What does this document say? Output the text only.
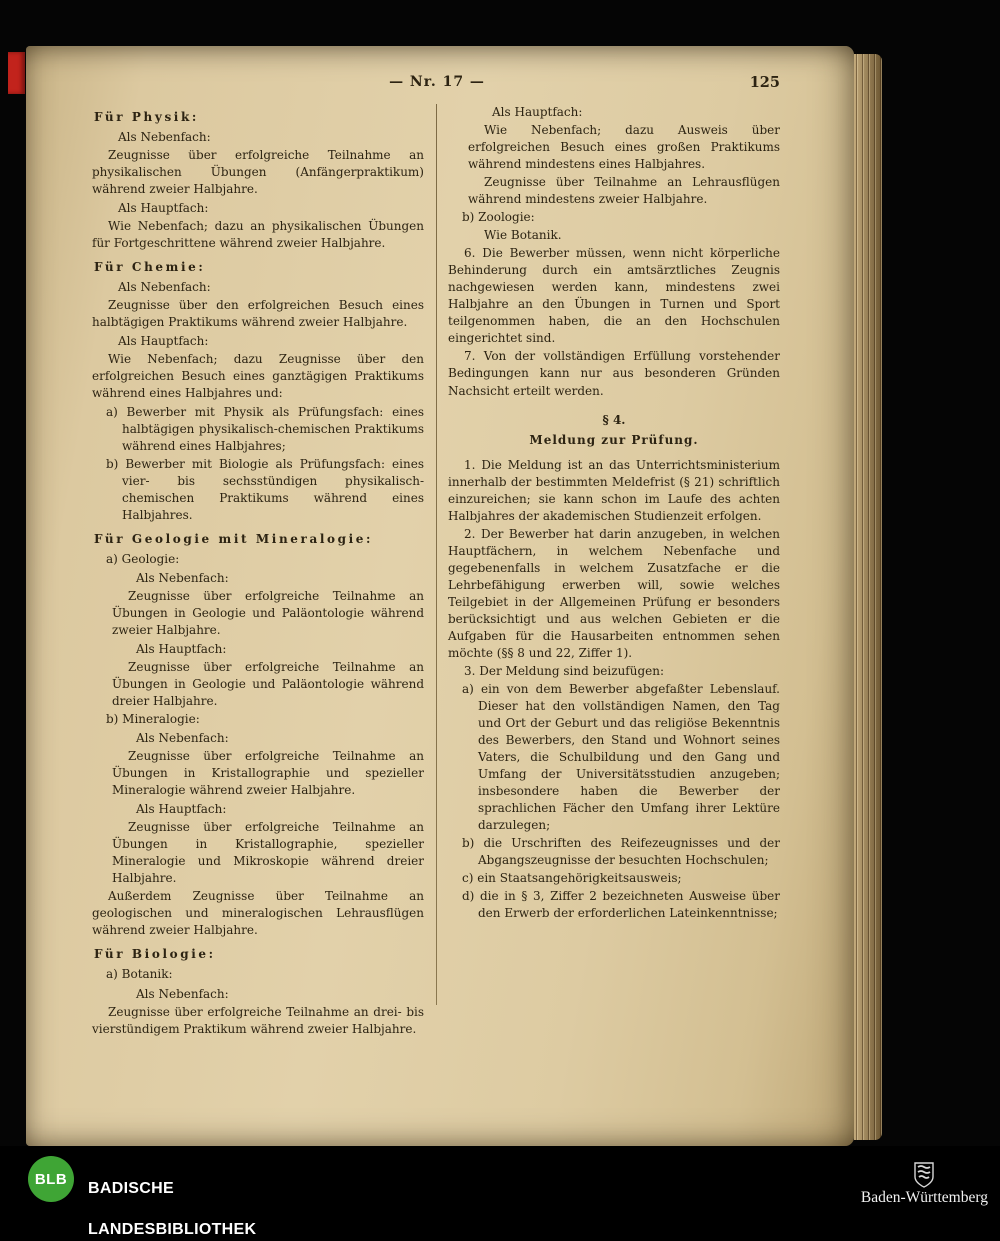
— Nr. 17 —	125
Für Physik:
Als Nebenfach:
Zeugnisse über erfolgreiche Teilnahme an physikalischen Übungen (Anfängerpraktikum) während zweier Halbjahre.
Als Hauptfach:
Wie Nebenfach; dazu an physikalischen Übungen für Fortgeschrittene während zweier Halbjahre.
Für Chemie:
Als Nebenfach:
Zeugnisse über den erfolgreichen Besuch eines halbtägigen Praktikums während zweier Halbjahre.
Als Hauptfach:
Wie Nebenfach; dazu Zeugnisse über den erfolgreichen Besuch eines ganztägigen Praktikums während eines Halbjahres und:
a) Bewerber mit Physik als Prüfungsfach: eines halbtägigen physikalisch-chemischen Praktikums während eines Halbjahres;
b) Bewerber mit Biologie als Prüfungsfach: eines vier- bis sechsstündigen physikalisch-chemischen Praktikums während eines Halbjahres.
Für Geologie mit Mineralogie:
a) Geologie:
Als Nebenfach:
Zeugnisse über erfolgreiche Teilnahme an Übungen in Geologie und Paläontologie während zweier Halbjahre.
Als Hauptfach:
Zeugnisse über erfolgreiche Teilnahme an Übungen in Geologie und Paläontologie während dreier Halbjahre.
b) Mineralogie:
Als Nebenfach:
Zeugnisse über erfolgreiche Teilnahme an Übungen in Kristallographie und spezieller Mineralogie während zweier Halbjahre.
Als Hauptfach:
Zeugnisse über erfolgreiche Teilnahme an Übungen in Kristallographie, spezieller Mineralogie und Mikroskopie während dreier Halbjahre.
Außerdem Zeugnisse über Teilnahme an geologischen und mineralogischen Lehrausflügen während zweier Halbjahre.
Für Biologie:
a) Botanik:
Als Nebenfach:
Zeugnisse über erfolgreiche Teilnahme an drei- bis vierstündigem Praktikum während zweier Halbjahre.
Als Hauptfach:
Wie Nebenfach; dazu Ausweis über erfolgreichen Besuch eines großen Praktikums während mindestens eines Halbjahres.
Zeugnisse über Teilnahme an Lehrausflügen während mindestens zweier Halbjahre.
b) Zoologie:
Wie Botanik.
6. Die Bewerber müssen, wenn nicht körperliche Behinderung durch ein amtsärztliches Zeugnis nachgewiesen werden kann, mindestens zwei Halbjahre an den Übungen in Turnen und Sport teilgenommen haben, die an den Hochschulen eingerichtet sind.
7. Von der vollständigen Erfüllung vorstehender Bedingungen kann nur aus besonderen Gründen Nachsicht erteilt werden.
§ 4.
Meldung zur Prüfung.
1. Die Meldung ist an das Unterrichtsministerium innerhalb der bestimmten Meldefrist (§ 21) schriftlich einzureichen; sie kann schon im Laufe des achten Halbjahres der akademischen Studienzeit erfolgen.
2. Der Bewerber hat darin anzugeben, in welchen Hauptfächern, in welchem Nebenfache und gegebenenfalls in welchem Zusatzfache er die Lehrbefähigung erwerben will, sowie welches Teilgebiet in der Allgemeinen Prüfung er besonders berücksichtigt und aus welchen Gebieten er die Aufgaben für die Hausarbeiten entnommen sehen möchte (§§ 8 und 22, Ziffer 1).
3. Der Meldung sind beizufügen:
a) ein von dem Bewerber abgefaßter Lebenslauf. Dieser hat den vollständigen Namen, den Tag und Ort der Geburt und das religiöse Bekenntnis des Bewerbers, den Stand und Wohnort seines Vaters, die Schulbildung und den Gang und Umfang der Universitätsstudien anzugeben; insbesondere haben die Bewerber der sprachlichen Fächer den Umfang ihrer Lektüre darzulegen;
b) die Urschriften des Reifezeugnisses und der Abgangszeugnisse der besuchten Hochschulen;
c) ein Staatsangehörigkeitsausweis;
d) die in § 3, Ziffer 2 bezeichneten Ausweise über den Erwerb der erforderlichen Lateinkenntnisse;
BLB

BADISCHE

LANDESBIBLIOTHEK

Baden-Württemberg
